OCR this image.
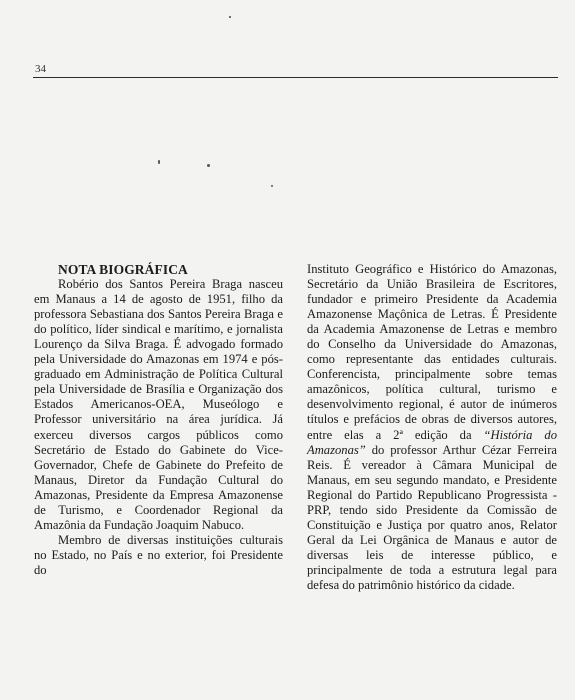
34

NOTA BIOGRÁFICA

Robério dos Santos Pereira Braga nasceu em Manaus a 14 de agosto de 1951, filho da professora Sebastiana dos Santos Pereira Braga e do político, líder sindical e marítimo, e jornalista Lourenço da Silva Braga. É advogado formado pela Universidade do Amazonas em 1974 e pós-graduado em Administração de Política Cultural pela Universidade de Brasília e Organização dos Estados Americanos-OEA, Museólogo e Professor universitário na área jurídica. Já exerceu diversos cargos públicos como Secretário de Estado do Gabinete do Vice-Governador, Chefe de Gabinete do Prefeito de Manaus, Diretor da Fundação Cultural do Amazonas, Presidente da Empresa Amazonense de Turismo, e Coordenador Regional da Amazônia da Fundação Joaquim Nabuco.

Membro de diversas instituições culturais no Estado, no País e no exterior, foi Presidente do

Instituto Geográfico e Histórico do Amazonas, Secretário da União Brasileira de Escritores, fundador e primeiro Presidente da Academia Amazonense Maçônica de Letras. É Presidente da Academia Amazonense de Letras e membro do Conselho da Universidade do Amazonas, como representante das entidades culturais. Conferencista, principalmente sobre temas amazônicos, política cultural, turismo e desenvolvimento regional, é autor de inúmeros títulos e prefácios de obras de diversos autores, entre elas a 2ª edição da “História do Amazonas” do professor Arthur Cézar Ferreira Reis. É vereador à Câmara Municipal de Manaus, em seu segundo mandato, e Presidente Regional do Partido Republicano Progressista - PRP, tendo sido Presidente da Comissão de Constituição e Justiça por quatro anos, Relator Geral da Lei Orgânica de Manaus e autor de diversas leis de interesse público, e principalmente de toda a estrutura legal para defesa do patrimônio histórico da cidade.
